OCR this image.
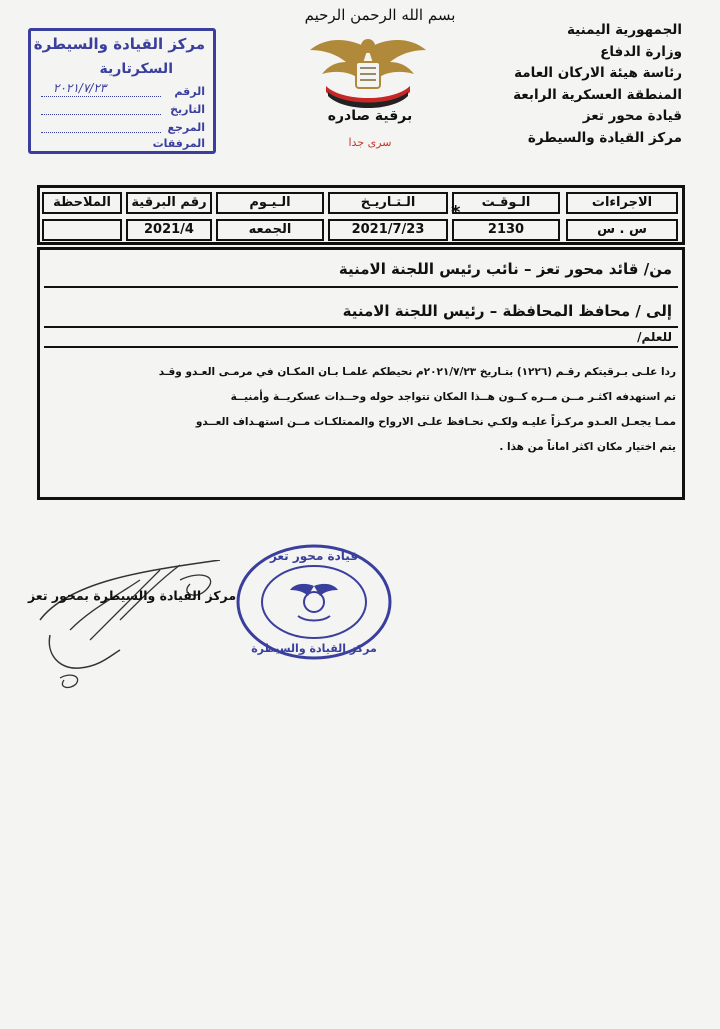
الجمهورية اليمنية
وزارة الدفاع
رئاسة هيئة الاركان العامة
المنطقة العسكرية الرابعة
قيادة محور تعز
مركز القيادة والسيطرة
بسم الله الرحمن الرحيم
برقية صادره
سرى جدا
مركز القيادة والسيطرة
السكرتارية
الرقم
٢٠٢١/٧/٢٣
التاريخ
المرجع
المرفقات
الاجراءات
الـوقـت
الـتـاريـخ
الـيـوم
رقم البرقية
الملاحظة
س . س
2130
2021/7/23
الجمعه
2021/4
*
من/ قائد محور تعز – نائب رئيس اللجنة الامنية
إلى / محافظ المحافظة – رئيس اللجنة الامنية
للعلم/
ردا علـى بـرقيتكم رقـم (١٢٢٦) بتـاريخ ٢٠٢١/٧/٢٣م نحيطكم علمـا بـان المكـان في مرمـى العـدو وقـد
تم استهدفه اكثـر مــن مــره كــون هــذا المكان تتواجد حوله وحــدات عسكريــة وأمنيــة
ممـا يجعـل العـدو مركـزاً عليـه ولكـي نحـافظ علـى الارواح والممتلكـات مــن استهـداف العــدو
يتم اختيار مكان اكثر اماناً من هذا .
مركز القيادة والسيطرة بمحور تعز
قيادة محور تعز
مركز القيادة والسيطرة
